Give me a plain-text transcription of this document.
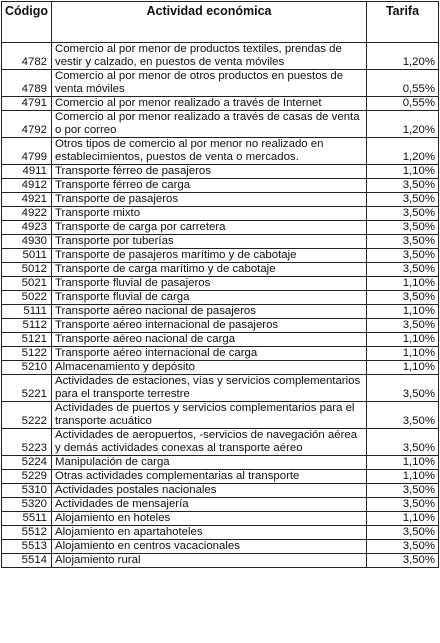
Código	Actividad económica	Tarifa
4782	Comercio al por menor de productos textiles, prendas de vestir y calzado, en puestos de venta móviles	1,20%
4789	Comercio al por menor de otros productos en puestos de venta móviles	0,55%
4791	Comercio al por menor realizado a través de Internet	0,55%
4792	Comercio al por menor realizado a través de casas de venta o por correo	1,20%
4799	Otros tipos de comercio al por menor no realizado en establecimientos, puestos de venta o mercados.	1,20%
4911	Transporte férreo de pasajeros	1,10%
4912	Transporte férreo de carga	3,50%
4921	Transporte de pasajeros	3,50%
4922	Transporte mixto	3,50%
4923	Transporte de carga por carretera	3,50%
4930	Transporte por tuberías	3,50%
5011	Transporte de pasajeros marítimo y de cabotaje	3,50%
5012	Transporte de carga marítimo y de cabotaje	3,50%
5021	Transporte fluvial de pasajeros	1,10%
5022	Transporte fluvial de carga	3,50%
5111	Transporte aéreo nacional de pasajeros	1,10%
5112	Transporte aéreo internacional de pasajeros	3,50%
5121	Transporte aéreo nacional de carga	1,10%
5122	Transporte aéreo internacional de carga	1,10%
5210	Almacenamiento y depósito	1,10%
5221	Actividades de estaciones, vías y servicios complementarios para el transporte terrestre	3,50%
5222	Actividades de puertos y servicios complementarios para el transporte acuático	3,50%
5223	Actividades de aeropuertos, -servicios de navegación aérea y demás actividades conexas al transporte aéreo	3,50%
5224	Manipulación de carga	1,10%
5229	Otras actividades complementarias al transporte	1,10%
5310	Actividades postales nacionales	3,50%
5320	Actividades de mensajería	3,50%
5511	Alojamiento en hoteles	1,10%
5512	Alojamiento en apartahoteles	3,50%
5513	Alojamiento en centros vacacionales	3,50%
5514	Alojamiento rural	3,50%
